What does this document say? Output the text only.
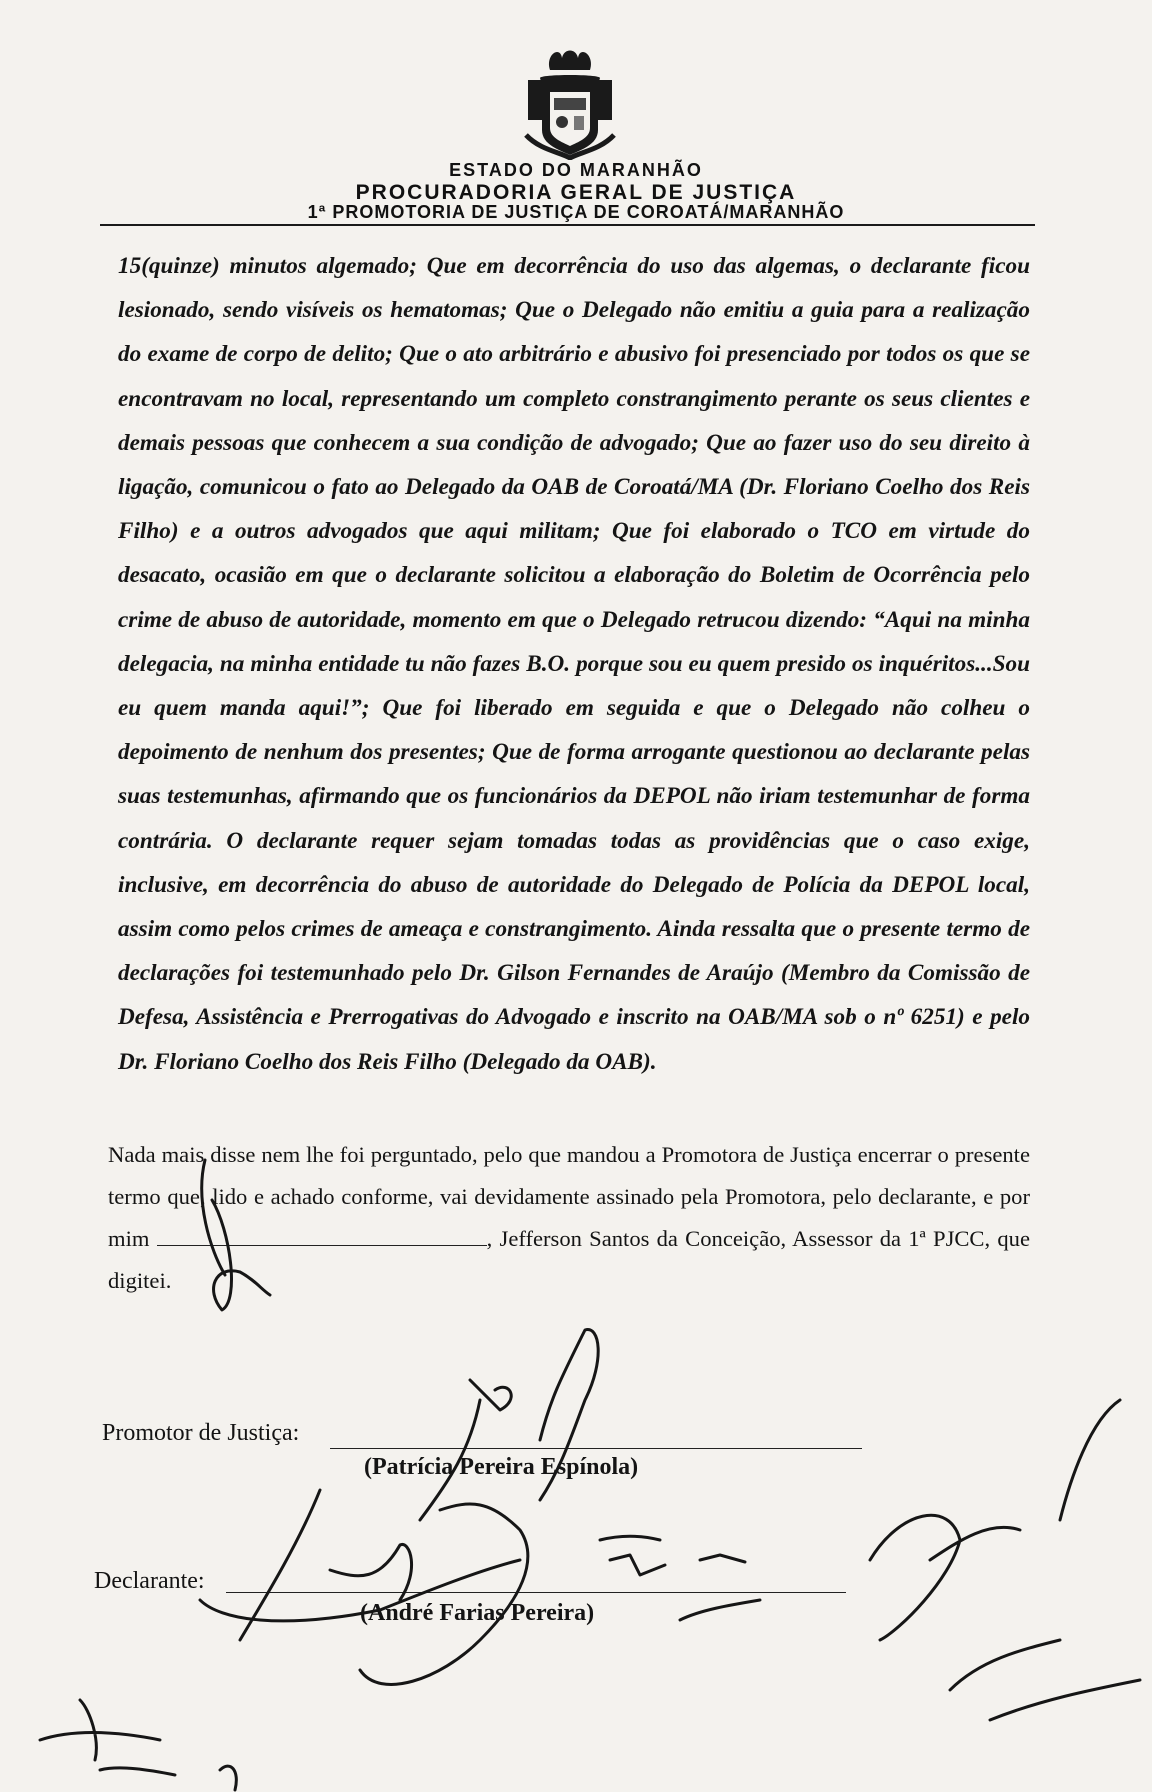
ESTADO DO MARANHÃO
PROCURADORIA GERAL DE JUSTIÇA
1ª PROMOTORIA DE JUSTIÇA DE COROATÁ/MARANHÃO
15(quinze) minutos algemado; Que em decorrência do uso das algemas, o declarante ficou lesionado, sendo visíveis os hematomas; Que o Delegado não emitiu a guia para a realização do exame de corpo de delito; Que o ato arbitrário e abusivo foi presenciado por todos os que se encontravam no local, representando um completo constrangimento perante os seus clientes e demais pessoas que conhecem a sua condição de advogado; Que ao fazer uso do seu direito à ligação, comunicou o fato ao Delegado da OAB de Coroatá/MA (Dr. Floriano Coelho dos Reis Filho) e a outros advogados que aqui militam; Que foi elaborado o TCO em virtude do desacato, ocasião em que o declarante solicitou a elaboração do Boletim de Ocorrência pelo crime de abuso de autoridade, momento em que o Delegado retrucou dizendo: “Aqui na minha delegacia, na minha entidade tu não fazes B.O. porque sou eu quem presido os inquéritos...Sou eu quem manda aqui!”; Que foi liberado em seguida e que o Delegado não colheu o depoimento de nenhum dos presentes; Que de forma arrogante questionou ao declarante pelas suas testemunhas, afirmando que os funcionários da DEPOL não iriam testemunhar de forma contrária. O declarante requer sejam tomadas todas as providências que o caso exige, inclusive, em decorrência do abuso de autoridade do Delegado de Polícia da DEPOL local, assim como pelos crimes de ameaça e constrangimento. Ainda ressalta que o presente termo de declarações foi testemunhado pelo Dr. Gilson Fernandes de Araújo (Membro da Comissão de Defesa, Assistência e Prerrogativas do Advogado e inscrito na OAB/MA sob o nº 6251) e pelo Dr. Floriano Coelho dos Reis Filho (Delegado da OAB).
Nada mais disse nem lhe foi perguntado, pelo que mandou a Promotora de Justiça encerrar o presente termo que, lido e achado conforme, vai devidamente assinado pela Promotora, pelo declarante, e por mim	, Jefferson Santos da Conceição, Assessor da 1ª PJCC, que digitei.
Promotor de Justiça:
(Patrícia Pereira Espínola)
Declarante:
(André Farias Pereira)
